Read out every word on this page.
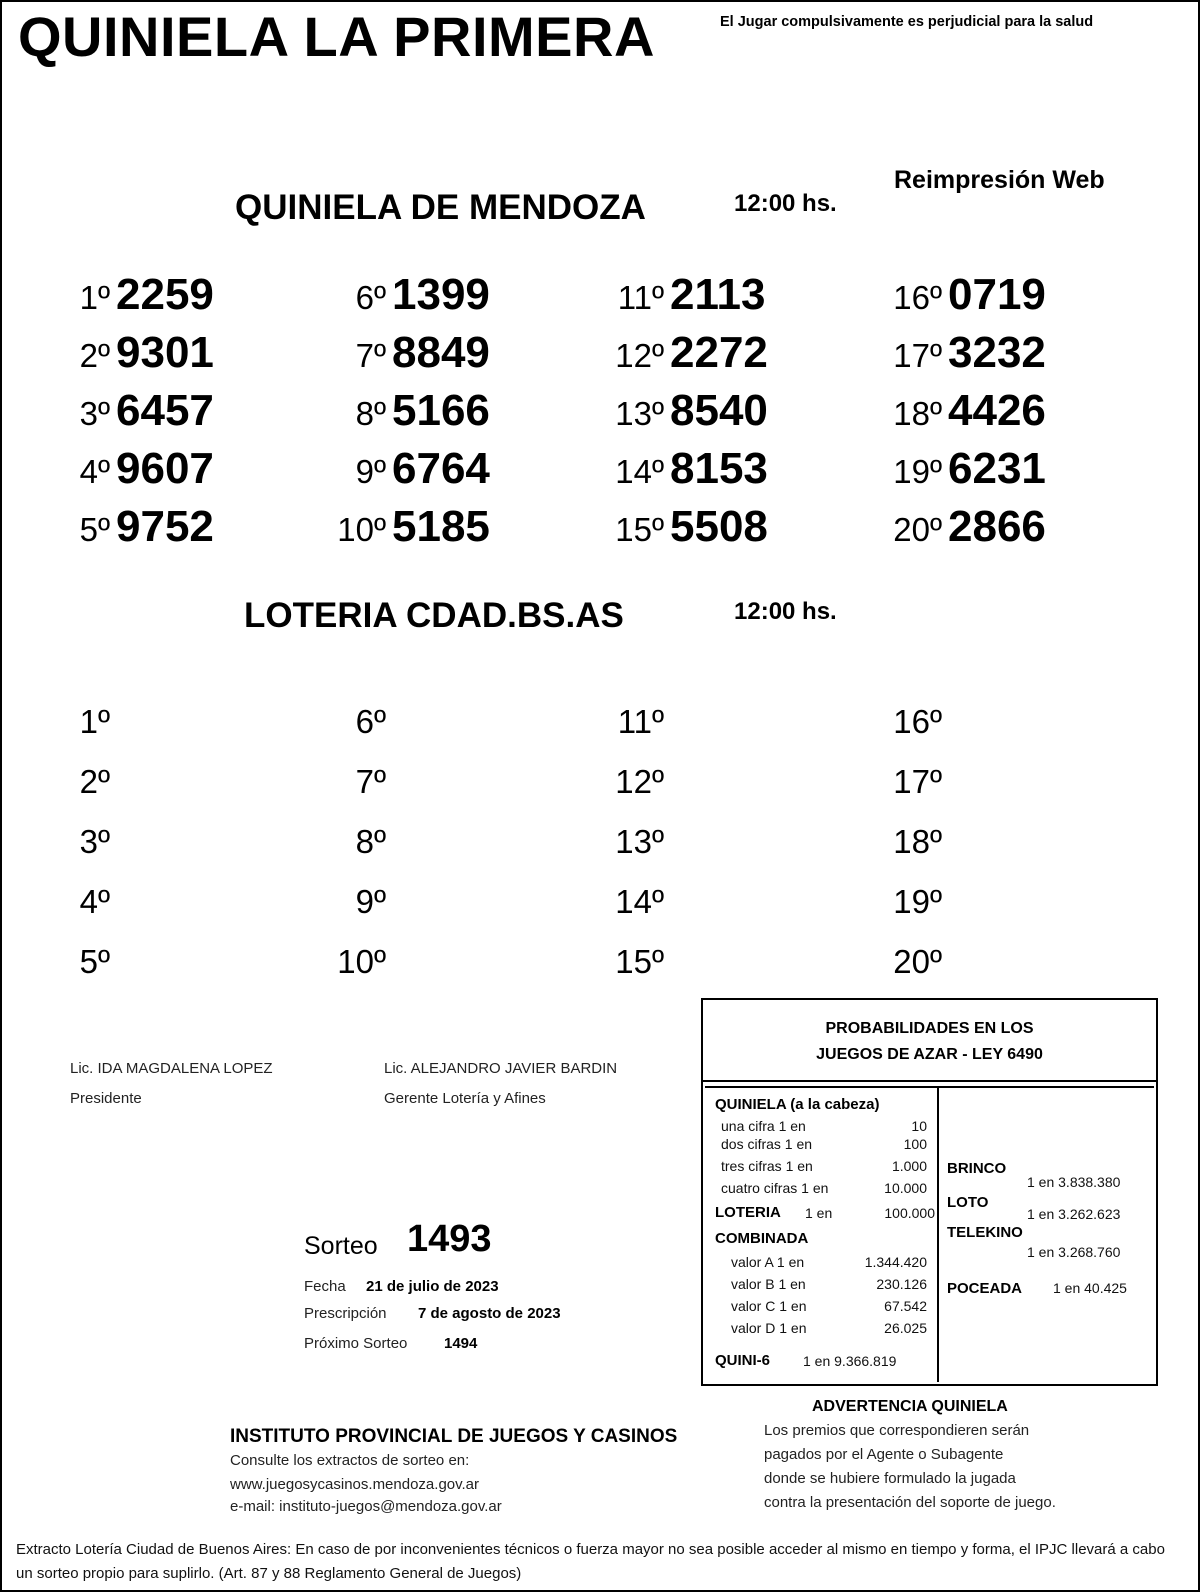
QUINIELA LA PRIMERA	El Jugar compulsivamente es perjudicial para la salud
Reimpresión Web
QUINIELA DE MENDOZA	12:00 hs.
1º 2259
2º 9301
3º 6457
4º 9607
5º 9752
6º 1399
7º 8849
8º 5166
9º 6764
10º 5185
11º 2113
12º 2272
13º 8540
14º 8153
15º 5508
16º 0719
17º 3232
18º 4426
19º 6231
20º 2866
LOTERIA CDAD.BS.AS	12:00 hs.
1º
2º
3º
4º
5º
6º
7º
8º
9º
10º
11º
12º
13º
14º
15º
16º
17º
18º
19º
20º
Lic. IDA MAGDALENA LOPEZ
Presidente
Lic. ALEJANDRO JAVIER BARDIN
Gerente Lotería y Afines
Sorteo 1493
Fecha 21 de julio de 2023
Prescripción 7 de agosto de 2023
Próximo Sorteo 1494
PROBABILIDADES EN LOS
JUEGOS DE AZAR - LEY 6490
QUINIELA (a la cabeza)
una cifra 1 en	10
dos cifras 1 en	100
tres cifras 1 en	1.000
cuatro cifras 1 en	10.000
LOTERIA 1 en	100.000
COMBINADA
valor A 1 en	1.344.420
valor B 1 en	230.126
valor C 1 en	67.542
valor D 1 en	26.025
QUINI-6 1 en 9.366.819
BRINCO
1 en 3.838.380
LOTO
1 en 3.262.623
TELEKINO
1 en 3.268.760
POCEADA 1 en 40.425
INSTITUTO PROVINCIAL DE JUEGOS Y CASINOS
Consulte los extractos de sorteo en:
www.juegosycasinos.mendoza.gov.ar
e-mail: instituto-juegos@mendoza.gov.ar
ADVERTENCIA QUINIELA
Los premios que correspondieren serán
pagados por el Agente o Subagente
donde se hubiere formulado la jugada
contra la presentación del soporte de juego.
Extracto Lotería Ciudad de Buenos Aires: En caso de por inconvenientes técnicos o fuerza mayor no sea posible acceder al mismo en tiempo y forma, el IPJC llevará a cabo un sorteo propio para suplirlo. (Art. 87 y 88 Reglamento General de Juegos)
